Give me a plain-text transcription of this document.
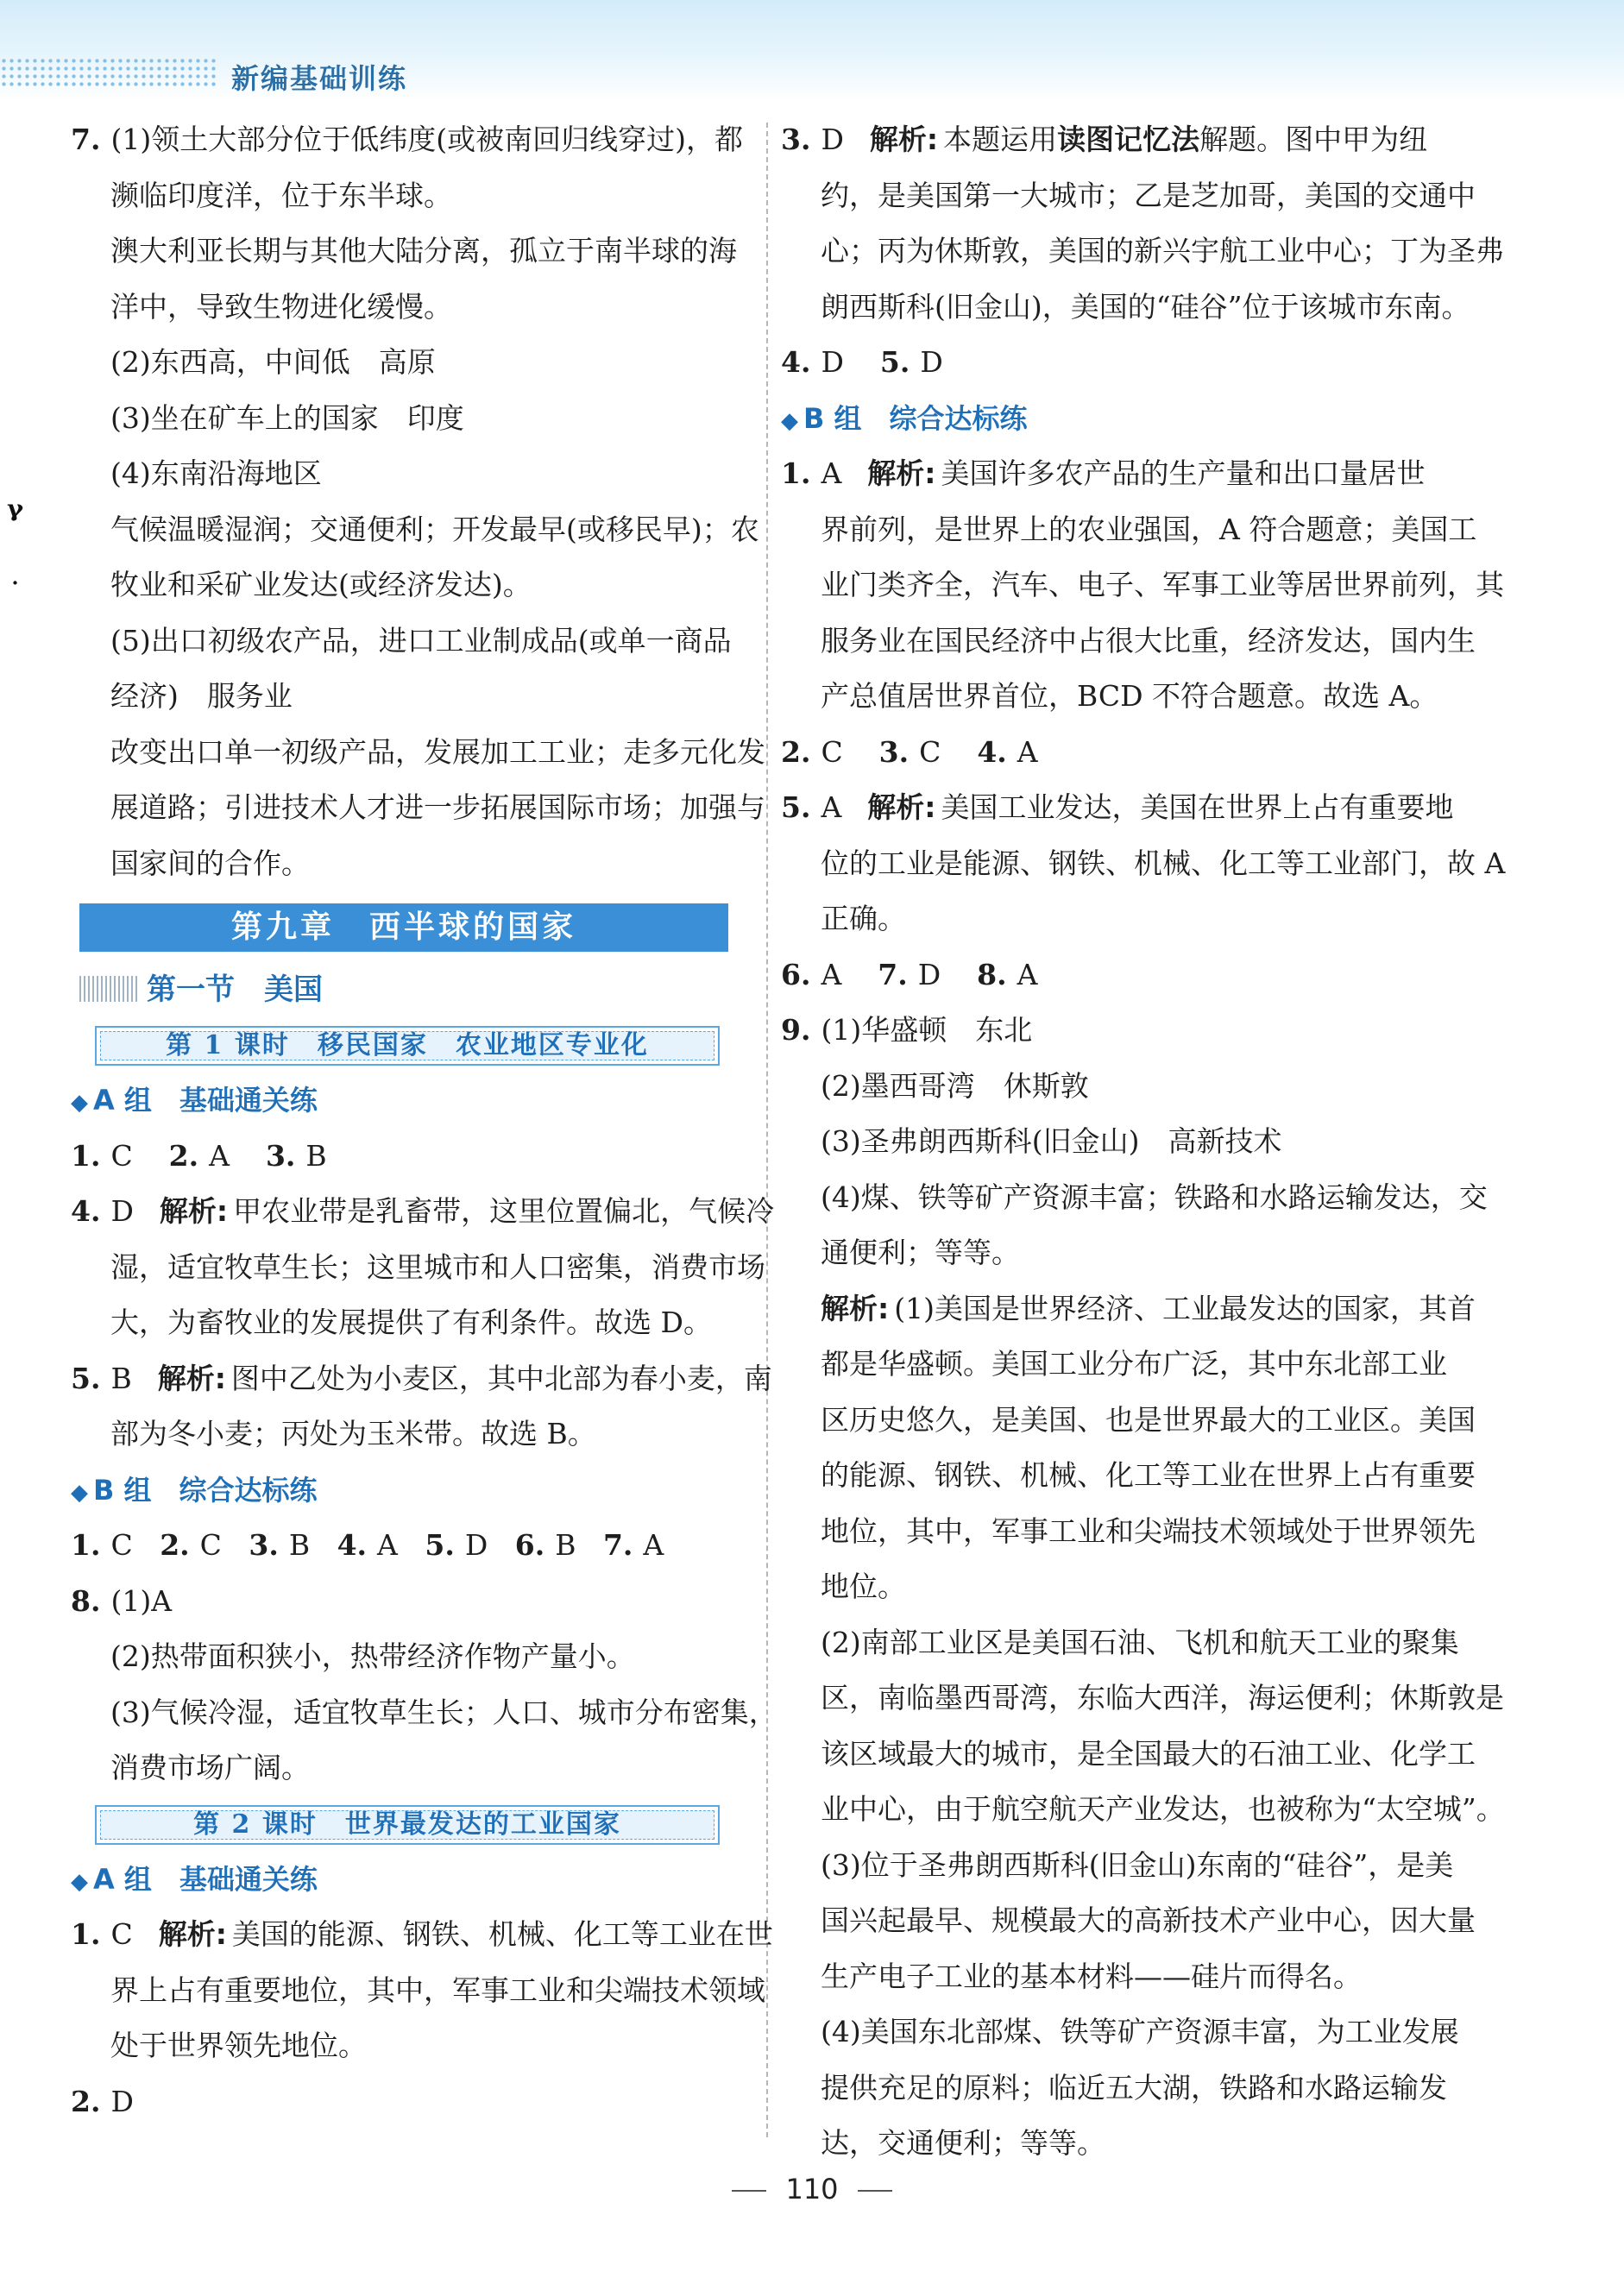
新编基础训练
ᵧ
˙
7. (1)领土大部分位于低纬度(或被南回归线穿过)，都
濒临印度洋，位于东半球。
澳大利亚长期与其他大陆分离，孤立于南半球的海
洋中，导致生物进化缓慢。
(2)东西高，中间低　高原
(3)坐在矿车上的国家　印度
(4)东南沿海地区
气候温暖湿润；交通便利；开发最早(或移民早)；农
牧业和采矿业发达(或经济发达)。
(5)出口初级农产品，进口工业制成品(或单一商品
经济)　服务业
改变出口单一初级产品，发展加工工业；走多元化发
展道路；引进技术人才进一步拓展国际市场；加强与
国家间的合作。
第九章　西半球的国家
第一节　美国
第 1 课时　移民国家　农业地区专业化
◆ A 组　基础通关练
1. C 2. A 3. B
4. D 解析: 甲农业带是乳畜带，这里位置偏北，气候冷
湿，适宜牧草生长；这里城市和人口密集，消费市场
大，为畜牧业的发展提供了有利条件。故选 D。
5. B 解析: 图中乙处为小麦区，其中北部为春小麦，南
部为冬小麦；丙处为玉米带。故选 B。
◆ B 组　综合达标练
1. C 2. C 3. B 4. A 5. D 6. B 7. A
8. (1)A
(2)热带面积狭小，热带经济作物产量小。
(3)气候冷湿，适宜牧草生长；人口、城市分布密集，
消费市场广阔。
第 2 课时　世界最发达的工业国家
◆ A 组　基础通关练
1. C 解析: 美国的能源、钢铁、机械、化工等工业在世
界上占有重要地位，其中，军事工业和尖端技术领域
处于世界领先地位。
2. D
3. D 解析: 本题运用读图记忆法解题。图中甲为纽
约，是美国第一大城市；乙是芝加哥，美国的交通中
心；丙为休斯敦，美国的新兴宇航工业中心；丁为圣弗
朗西斯科(旧金山)，美国的“硅谷”位于该城市东南。
4. D 5. D
◆ B 组　综合达标练
1. A 解析: 美国许多农产品的生产量和出口量居世
界前列，是世界上的农业强国，A 符合题意；美国工
业门类齐全，汽车、电子、军事工业等居世界前列，其
服务业在国民经济中占很大比重，经济发达，国内生
产总值居世界首位，BCD 不符合题意。故选 A。
2. C 3. C 4. A
5. A 解析: 美国工业发达，美国在世界上占有重要地
位的工业是能源、钢铁、机械、化工等工业部门，故 A
正确。
6. A 7. D 8. A
9. (1)华盛顿　东北
(2)墨西哥湾　休斯敦
(3)圣弗朗西斯科(旧金山)　高新技术
(4)煤、铁等矿产资源丰富；铁路和水路运输发达，交
通便利；等等。
解析: (1)美国是世界经济、工业最发达的国家，其首
都是华盛顿。美国工业分布广泛，其中东北部工业
区历史悠久，是美国、也是世界最大的工业区。美国
的能源、钢铁、机械、化工等工业在世界上占有重要
地位，其中，军事工业和尖端技术领域处于世界领先
地位。
(2)南部工业区是美国石油、飞机和航天工业的聚集
区，南临墨西哥湾，东临大西洋，海运便利；休斯敦是
该区域最大的城市，是全国最大的石油工业、化学工
业中心，由于航空航天产业发达，也被称为“太空城”。
(3)位于圣弗朗西斯科(旧金山)东南的“硅谷”，是美
国兴起最早、规模最大的高新技术产业中心，因大量
生产电子工业的基本材料——硅片而得名。
(4)美国东北部煤、铁等矿产资源丰富，为工业发展
提供充足的原料；临近五大湖，铁路和水路运输发
达，交通便利；等等。
110
